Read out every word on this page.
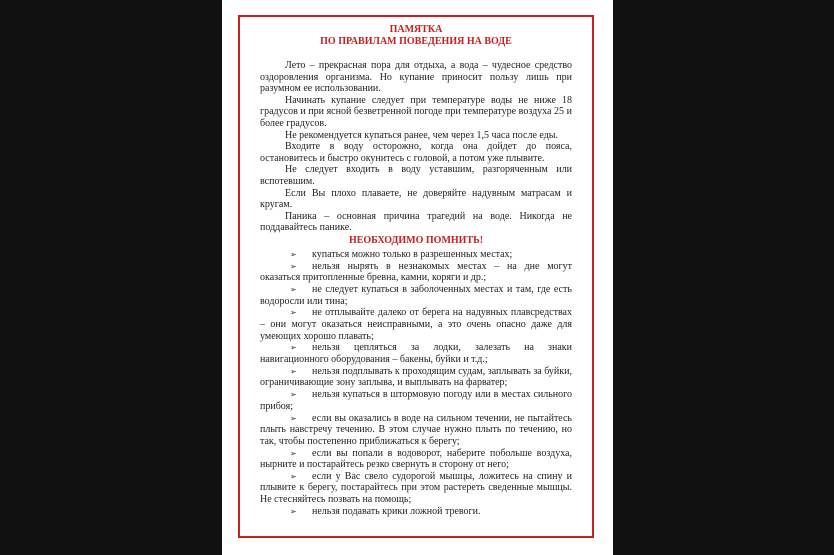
ПАМЯТКА
ПО ПРАВИЛАМ ПОВЕДЕНИЯ НА ВОДЕ

Лето – прекрасная пора для отдыха, а вода – чудесное средство оздоровления организма. Но купание приносит пользу лишь при разумном ее использовании.

Начинать купание следует при температуре воды не ниже 18 градусов и при ясной безветренной погоде при температуре воздуха 25 и более градусов.

Не рекомендуется купаться ранее, чем через 1,5 часа после еды.

Входите в воду осторожно, когда она дойдет до пояса, остановитесь и быстро окунитесь с головой, а потом уже плывите.

Не следует входить в воду уставшим, разгоряченным или вспотевшим.

Если Вы плохо плаваете, не доверяйте надувным матрасам и кругам.

Паника – основная причина трагедий на воде. Никогда не поддавайтесь панике.

НЕОБХОДИМО ПОМНИТЬ!
➢ купаться можно только в разрешенных местах;
➢ нельзя нырять в незнакомых местах – на дне могут оказаться притопленные бревна, камни, коряги и др.;
➢ не следует купаться в заболоченных местах и там, где есть водоросли или тина;
➢ не отплывайте далеко от берега на надувных плавсредствах – они могут оказаться неисправными, а это очень опасно даже для умеющих хорошо плавать;
➢ нельзя цепляться за лодки, залезать на знаки навигационного оборудования – бакены, буйки и т.д.;
➢ нельзя подплывать к проходящим судам, заплывать за буйки, ограничивающие зону заплыва, и выплывать на фарватер;
➢ нельзя купаться в штормовую погоду или в местах сильного прибоя;
➢ если вы оказались в воде на сильном течении, не пытайтесь плыть навстречу течению. В этом случае нужно плыть по течению, но так, чтобы постепенно приближаться к берегу;
➢ если вы попали в водоворот, наберите побольше воздуха, нырните и постарайтесь резко свернуть в сторону от него;
➢ если у Вас свело судорогой мышцы, ложитесь на спину и плывите к берегу, постарайтесь при этом растереть сведенные мышцы. Не стесняйтесь позвать на помощь;
➢ нельзя подавать крики ложной тревоги.
